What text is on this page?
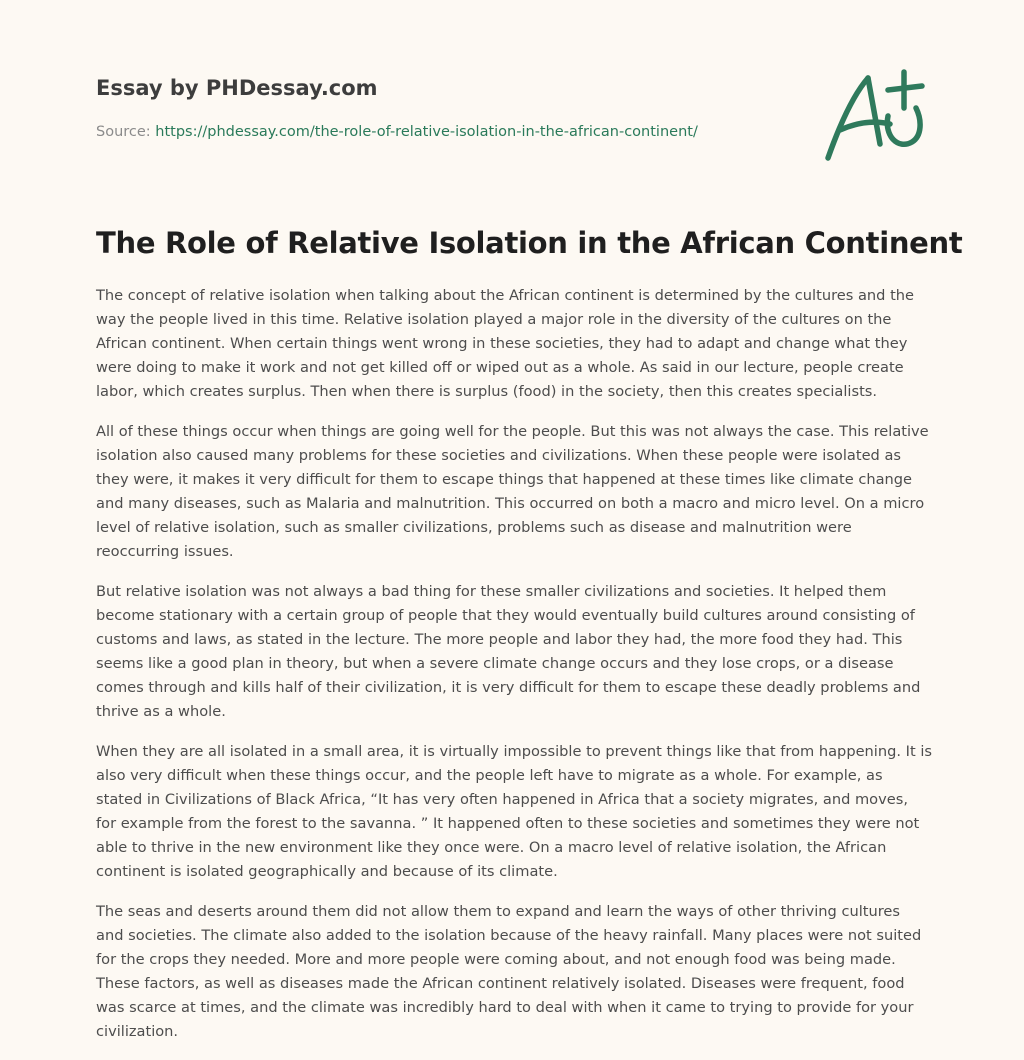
Essay by PHDessay.com
Source: https://phdessay.com/the-role-of-relative-isolation-in-the-african-continent/
The Role of Relative Isolation in the African Continent

The concept of relative isolation when talking about the African continent is determined by the cultures and the way the people lived in this time. Relative isolation played a major role in the diversity of the cultures on the African continent. When certain things went wrong in these societies, they had to adapt and change what they were doing to make it work and not get killed off or wiped out as a whole. As said in our lecture, people create labor, which creates surplus. Then when there is surplus (food) in the society, then this creates specialists.

All of these things occur when things are going well for the people. But this was not always the case. This relative isolation also caused many problems for these societies and civilizations. When these people were isolated as they were, it makes it very difficult for them to escape things that happened at these times like climate change and many diseases, such as Malaria and malnutrition. This occurred on both a macro and micro level. On a micro level of relative isolation, such as smaller civilizations, problems such as disease and malnutrition were reoccurring issues.

But relative isolation was not always a bad thing for these smaller civilizations and societies. It helped them become stationary with a certain group of people that they would eventually build cultures around consisting of customs and laws, as stated in the lecture. The more people and labor they had, the more food they had. This seems like a good plan in theory, but when a severe climate change occurs and they lose crops, or a disease comes through and kills half of their civilization, it is very difficult for them to escape these deadly problems and thrive as a whole.

When they are all isolated in a small area, it is virtually impossible to prevent things like that from happening. It is also very difficult when these things occur, and the people left have to migrate as a whole. For example, as stated in Civilizations of Black Africa, “It has very often happened in Africa that a society migrates, and moves, for example from the forest to the savanna. ” It happened often to these societies and sometimes they were not able to thrive in the new environment like they once were. On a macro level of relative isolation, the African continent is isolated geographically and because of its climate.

The seas and deserts around them did not allow them to expand and learn the ways of other thriving cultures and societies. The climate also added to the isolation because of the heavy rainfall. Many places were not suited for the crops they needed. More and more people were coming about, and not enough food was being made. These factors, as well as diseases made the African continent relatively isolated. Diseases were frequent, food was scarce at times, and the climate was incredibly hard to deal with when it came to trying to provide for your civilization.
